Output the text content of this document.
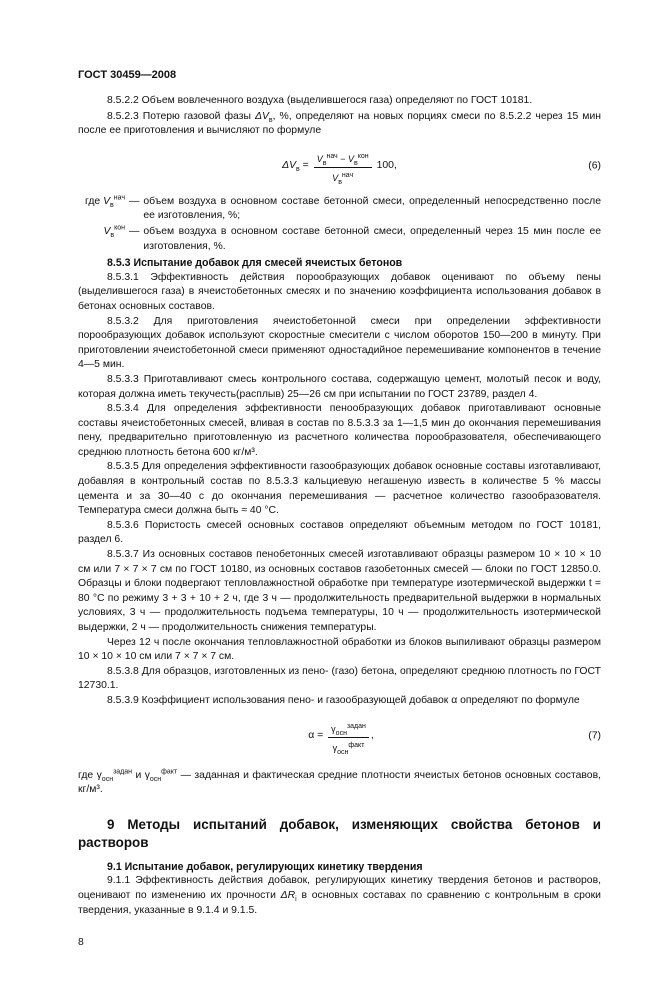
ГОСТ 30459—2008

8.5.2.2 Объем вовлеченного воздуха (выделившегося газа) определяют по ГОСТ 10181.

8.5.2.3 Потерю газовой фазы $\Delta V_в$, %, определяют на новых порциях смеси по 8.5.2.2 через 15 мин после ее приготовления и вычисляют по формуле

$\Delta V_в = \frac{V_в^{нач} - V_в^{кон}}{V_в^{нач}} 100$,	(6)
где $V_в^{нач}$ — объем воздуха в основном составе бетонной смеси, определенный непосредственно после ее изготовления, %;
$V_в^{кон}$ — объем воздуха в основном составе бетонной смеси, определенный через 15 мин после ее изготовления, %.

8.5.3 Испытание добавок для смесей ячеистых бетонов

8.5.3.1 Эффективность действия порообразующих добавок оценивают по объему пены (выделившегося газа) в ячеистобетонных смесях и по значению коэффициента использования добавок в бетонах основных составов.

8.5.3.2 Для приготовления ячеистобетонной смеси при определении эффективности порообразующих добавок используют скоростные смесители с числом оборотов 150—200 в минуту. При приготовлении ячеистобетонной смеси применяют одностадийное перемешивание компонентов в течение 4—5 мин.

8.5.3.3 Приготавливают смесь контрольного состава, содержащую цемент, молотый песок и воду, которая должна иметь текучесть(расплыв) 25—26 см при испытании по ГОСТ 23789, раздел 4.

8.5.3.4 Для определения эффективности пенообразующих добавок приготавливают основные составы ячеистобетонных смесей, вливая в состав по 8.5.3.3 за 1—1,5 мин до окончания перемешивания пену, предварительно приготовленную из расчетного количества порообразователя, обеспечивающего среднюю плотность бетона 600 кг/м³.

8.5.3.5 Для определения эффективности газообразующих добавок основные составы изготавливают, добавляя в контрольный состав по 8.5.3.3 кальциевую негашеную известь в количестве 5 % массы цемента и за 30—40 с до окончания перемешивания — расчетное количество газообразователя. Температура смеси должна быть ≈ 40 °С.

8.5.3.6 Пористость смесей основных составов определяют объемным методом по ГОСТ 10181, раздел 6.

8.5.3.7 Из основных составов пенобетонных смесей изготавливают образцы размером 10 × 10 × 10 см или 7 × 7 × 7 см по ГОСТ 10180, из основных составов газобетонных смесей — блоки по ГОСТ 12850.0. Образцы и блоки подвергают тепловлажностной обработке при температуре изотермической выдержки t = 80 °С по режиму 3 + 3 + 10 + 2 ч, где 3 ч — продолжительность предварительной выдержки в нормальных условиях, 3 ч — продолжительность подъема температуры, 10 ч — продолжительность изотермической выдержки, 2 ч — продолжительность снижения температуры.

Через 12 ч после окончания тепловлажностной обработки из блоков выпиливают образцы размером 10 × 10 × 10 см или 7 × 7 × 7 см.

8.5.3.8 Для образцов, изготовленных из пено- (газо) бетона, определяют среднюю плотность по ГОСТ 12730.1.

8.5.3.9 Коэффициент использования пено- и газообразующей добавок α определяют по формуле

$\alpha = \frac{\gamma_{осн}^{задан}}{\gamma_{осн}^{факт}}$ ,	(7)

где $\gamma_{осн}^{задан}$ и $\gamma_{осн}^{факт}$ — заданная и фактическая средние плотности ячеистых бетонов основных составов, кг/м³.

9 Методы испытаний добавок, изменяющих свойства бетонов и растворов

9.1 Испытание добавок, регулирующих кинетику твердения

9.1.1 Эффективность действия добавок, регулирующих кинетику твердения бетонов и растворов, оценивают по изменению их прочности $\Delta R_i$ в основных составах по сравнению с контрольным в сроки твердения, указанные в 9.1.4 и 9.1.5.

8
